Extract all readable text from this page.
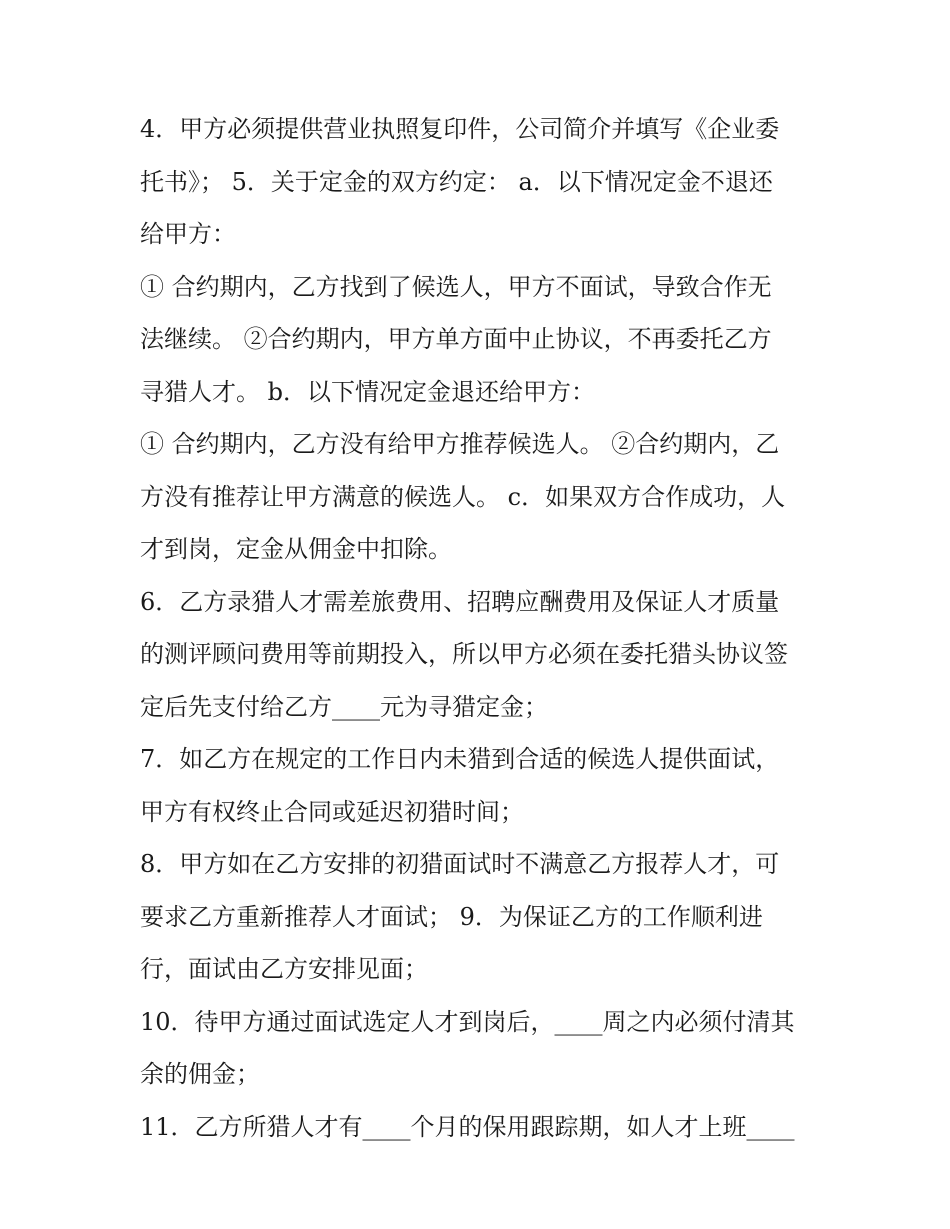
4．甲方必须提供营业执照复印件，公司简介并填写《企业委
托书》； 5．关于定金的双方约定： a．以下情况定金不退还
给甲方：
① 合约期内，乙方找到了候选人，甲方不面试，导致合作无
法继续。 ②合约期内，甲方单方面中止协议，不再委托乙方
寻猎人才。 b．以下情况定金退还给甲方：
① 合约期内，乙方没有给甲方推荐候选人。 ②合约期内，乙
方没有推荐让甲方满意的候选人。 c．如果双方合作成功，人
才到岗，定金从佣金中扣除。
6．乙方录猎人才需差旅费用、招聘应酬费用及保证人才质量
的测评顾问费用等前期投入，所以甲方必须在委托猎头协议签
定后先支付给乙方____元为寻猎定金；
7．如乙方在规定的工作日内未猎到合适的候选人提供面试，
甲方有权终止合同或延迟初猎时间；
8．甲方如在乙方安排的初猎面试时不满意乙方报荐人才，可
要求乙方重新推荐人才面试； 9．为保证乙方的工作顺利进
行，面试由乙方安排见面；
10．待甲方通过面试选定人才到岗后，____周之内必须付清其
余的佣金；
11．乙方所猎人才有____个月的保用跟踪期，如人才上班____
